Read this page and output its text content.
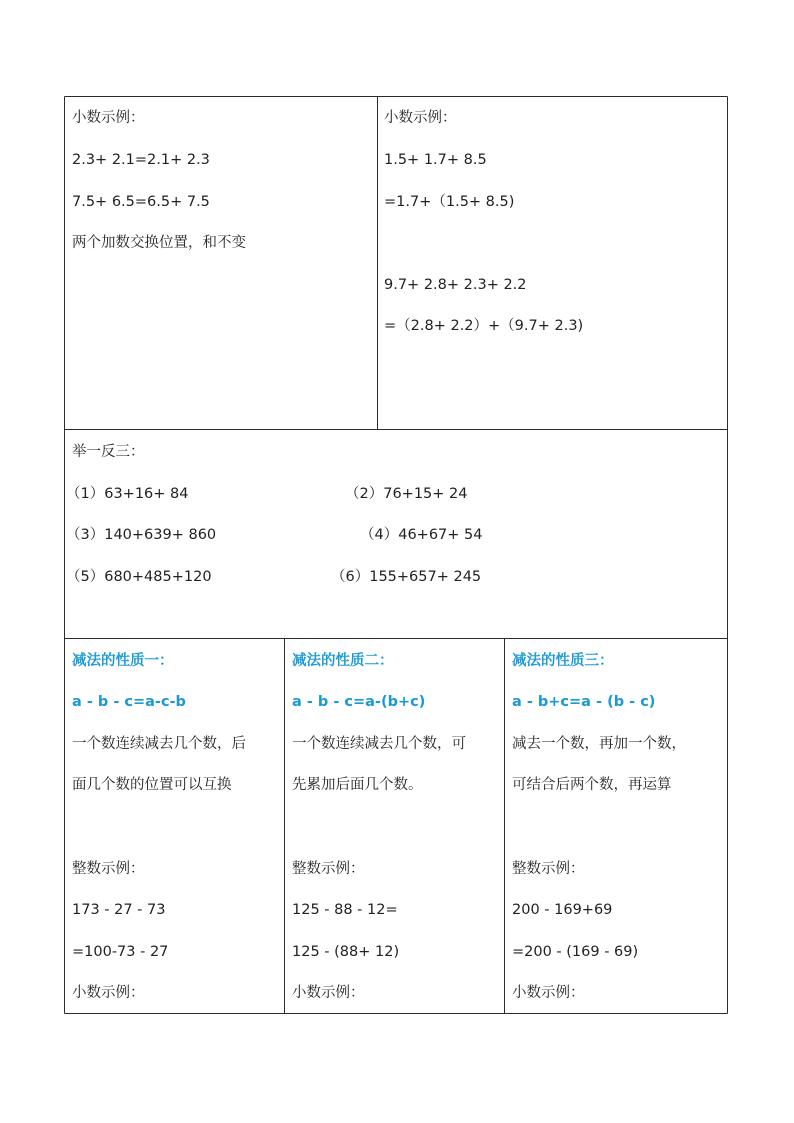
小数示例：
2.3+ 2.1=2.1+ 2.3
7.5+ 6.5=6.5+ 7.5
两个加数交换位置，和不变
小数示例：
1.5+ 1.7+ 8.5
=1.7+（1.5+ 8.5)
9.7+ 2.8+ 2.3+ 2.2
=（2.8+ 2.2）+（9.7+ 2.3)
举一反三：
（1）63+16+ 84	（2）76+15+ 24
（3）140+639+ 860	（4）46+67+ 54
（5）680+485+120	（6）155+657+ 245
减法的性质一：
a - b - c=a-c-b
一个数连续减去几个数，后
面几个数的位置可以互换
整数示例：
173 - 27 - 73
=100-73 - 27
小数示例：
减法的性质二：
a - b - c=a-(b+c)
一个数连续减去几个数，可
先累加后面几个数。
整数示例：
125 - 88 - 12=
125 - (88+ 12)
小数示例：
减法的性质三：
a - b+c=a - (b - c)
减去一个数，再加一个数，
可结合后两个数，再运算
整数示例：
200 - 169+69
=200 - (169 - 69)
小数示例：
